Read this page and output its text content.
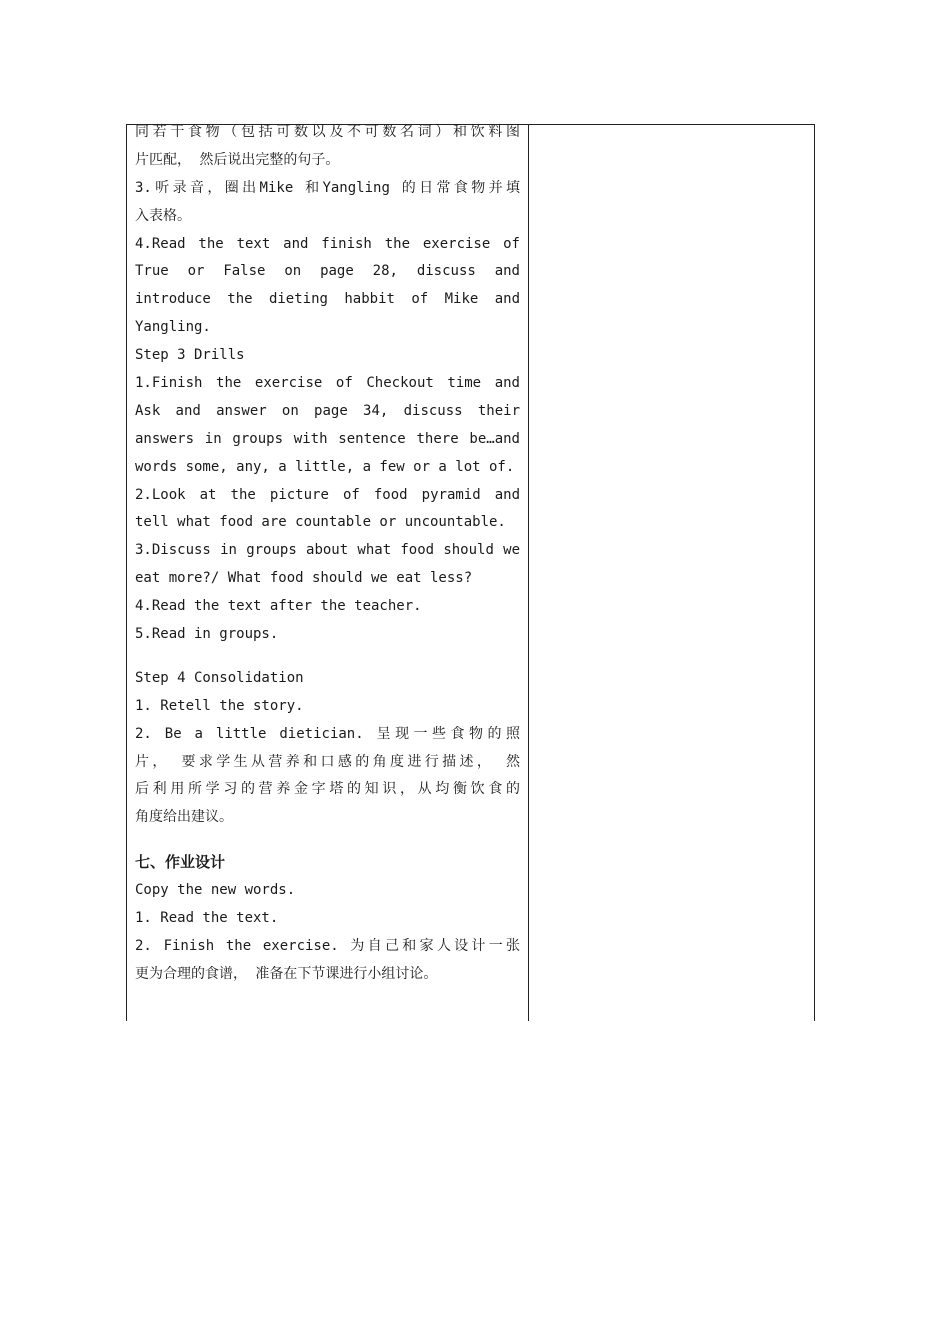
同若干食物（包括可数以及不可数名词）和饮料图
片匹配， 然后说出完整的句子。
3.听录音，圈出Mike 和Yangling 的日常食物并填
入表格。
4.Read the text and finish the exercise of
True or False on page 28, discuss and
introduce the dieting habbit of Mike and
Yangling.
Step 3 Drills
1.Finish the exercise of Checkout time and
Ask and answer on page 34, discuss their
answers in groups with sentence there be…and
words some, any, a little, a few or a lot of.
2.Look at the picture of food pyramid and
tell what food are countable or uncountable.
3.Discuss in groups about what food should we
eat more?/ What food should we eat less?
4.Read the text after the teacher.
5.Read in groups.
Step 4 Consolidation
1. Retell the story.
2. Be a little dietician. 呈现一些食物的照
片， 要求学生从营养和口感的角度进行描述， 然
后利用所学习的营养金字塔的知识，从均衡饮食的
角度给出建议。
七、作业设计
Copy the new words.
1. Read the text.
2. Finish the exercise. 为自己和家人设计一张
更为合理的食谱， 准备在下节课进行小组讨论。
